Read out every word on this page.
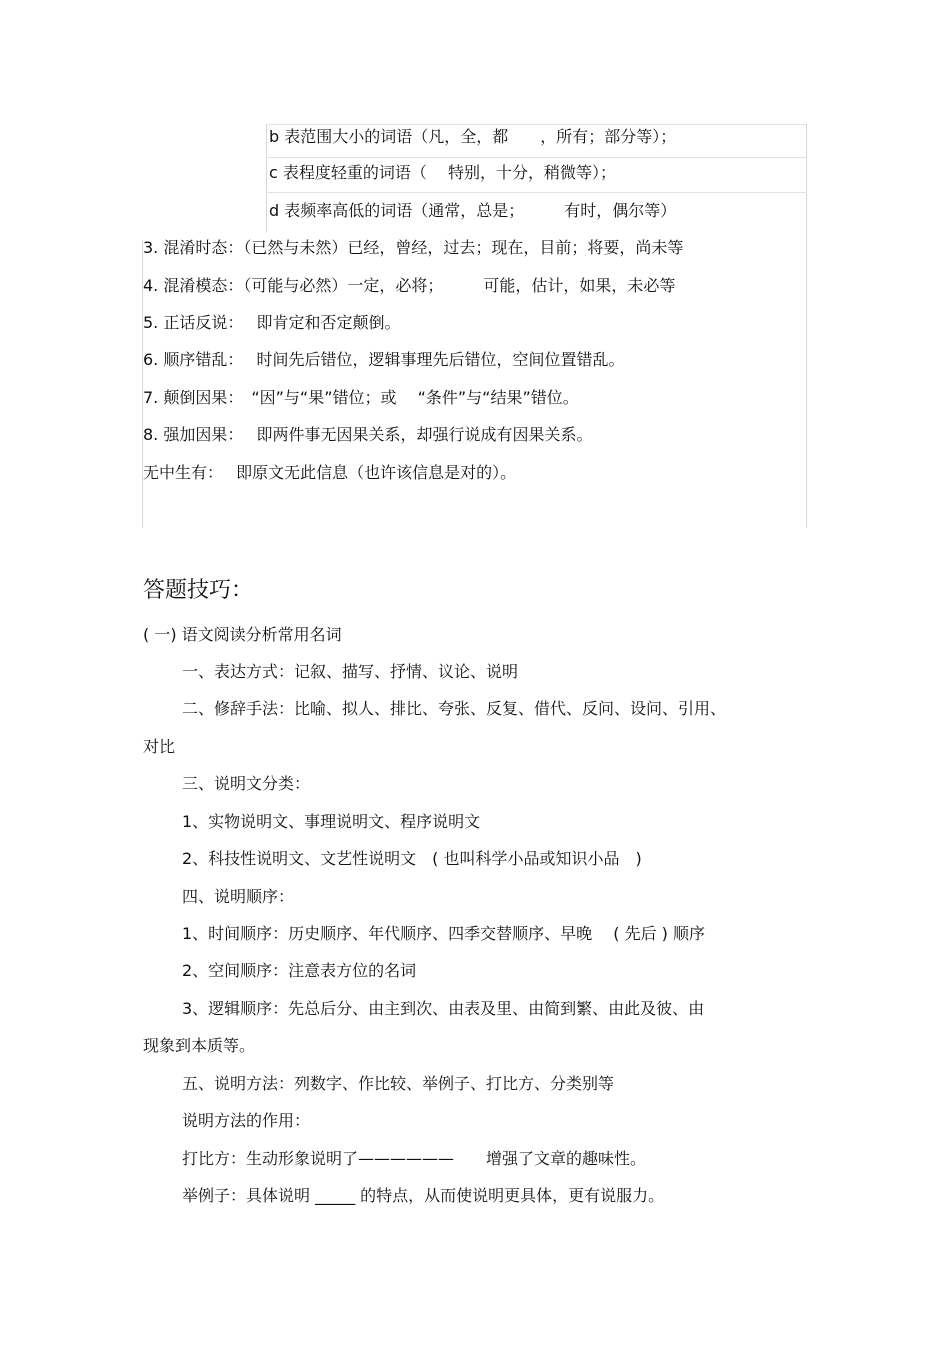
b 表范围大小的词语（凡，全，都　　，所有；部分等）；

c 表程度轻重的词语（　 特别，十分，稍微等）；

d 表频率高低的词语（通常，总是；　　　有时，偶尔等）

3. 混淆时态：（已然与未然）已经，曾经，过去；现在，目前；将要，尚未等

4. 混淆模态：（可能与必然）一定，必将；　　　可能，估计，如果，未必等

5. 正话反说：　 即肯定和否定颠倒。

6. 顺序错乱：　 时间先后错位，逻辑事理先后错位，空间位置错乱。

7. 颠倒因果：　“因”与“果”错位；或　 “条件”与“结果”错位。

8. 强加因果：　 即两件事无因果关系，却强行说成有因果关系。

无中生有：　 即原文无此信息（也许该信息是对的）。

答题技巧：

( 一) 语文阅读分析常用名词

一、表达方式：记叙、描写、抒情、议论、说明

二、修辞手法：比喻、拟人、排比、夸张、反复、借代、反问、设问、引用、

对比

三、说明文分类：

1、实物说明文、事理说明文、程序说明文

2、科技性说明文、文艺性说明文　( 也叫科学小品或知识小品　)

四、说明顺序：

1、时间顺序：历史顺序、年代顺序、四季交替顺序、早晚　 ( 先后 ) 顺序

2、空间顺序：注意表方位的名词

3、逻辑顺序：先总后分、由主到次、由表及里、由简到繁、由此及彼、由

现象到本质等。

五、说明方法：列数字、作比较、举例子、打比方、分类别等

说明方法的作用：

打比方：生动形象说明了——————　　增强了文章的趣味性。

举例子：具体说明 _____ 的特点，从而使说明更具体，更有说服力。
